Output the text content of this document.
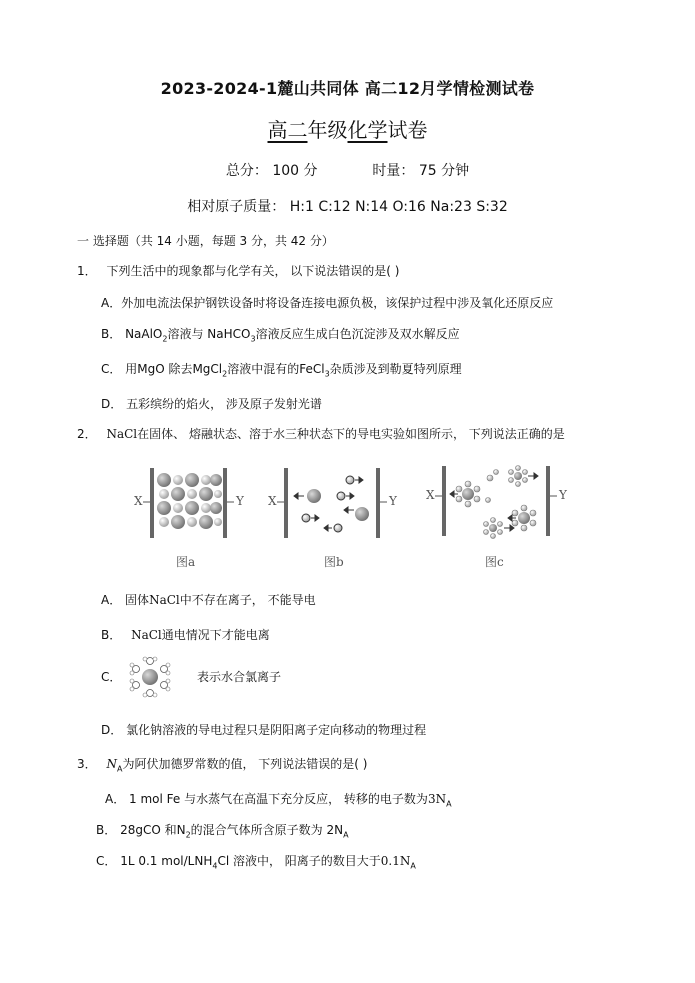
2023-2024-1麓山共同体 高二12月学情检测试卷
高二年级化学试卷
总分： 100 分	时量： 75 分钟
相对原子质量： H:1 C:12 N:14 O:16 Na:23 S:32
一 选择题（共 14 小题，每题 3 分，共 42 分）
1． 下列生活中的现象都与化学有关， 以下说法错误的是( )
A．外加电流法保护钢铁设备时将设备连接电源负极，该保护过程中涉及氧化还原反应
B． NaAlO$_2$溶液与 NaHCO$_3$溶液反应生成白色沉淀涉及双水解反应
C． 用MgO 除去MgCl$_2$溶液中混有的FeCl$_3$杂质涉及到勒夏特列原理
D． 五彩缤纷的焰火， 涉及原子发射光谱
2． NaCl在固体、 熔融状态、溶于水三种状态下的导电实验如图所示， 下列说法正确的是
X	Y
图a
X	Y
图b
X	Y
图c
A． 固体NaCl中不存在离子， 不能导电
B． NaCl通电情况下才能电离
C．	表示水合氯离子
D． 氯化钠溶液的导电过程只是阴阳离子定向移动的物理过程
3． $N_A$为阿伏加德罗常数的值， 下列说法错误的是( )
A． 1 mol Fe 与水蒸气在高温下充分反应， 转移的电子数为$3N_A$
B． 28gCO 和$N_2$的混合气体所含原子数为 $2N_A$
C． 1L 0.1 mol/$LNH_4Cl$ 溶液中， 阳离子的数目大于$0.1N_A$
